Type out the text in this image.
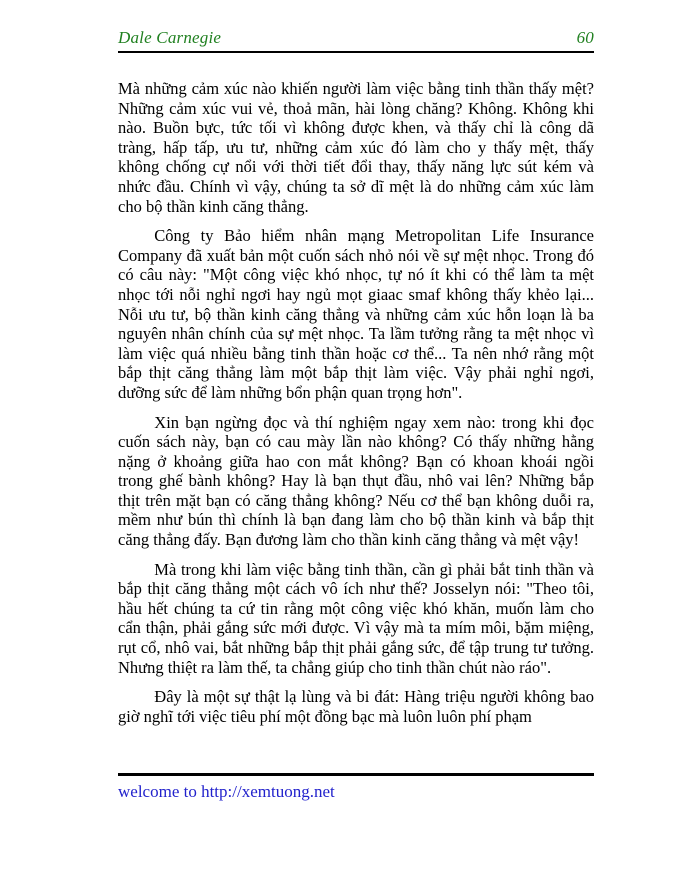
Dale Carnegie	60

Mà những cảm xúc nào khiến người làm việc bằng tinh thần thấy mệt? Những cảm xúc vui vẻ, thoả mãn, hài lòng chăng? Không. Không khi nào. Buồn bực, tức tối vì không được khen, và thấy chỉ là công dã tràng, hấp tấp, ưu tư, những cảm xúc đó làm cho y thấy mệt, thấy không chống cự nổi với thời tiết đổi thay, thấy năng lực sút kém và nhức đầu. Chính vì vậy, chúng ta sở dĩ mệt là do những cảm xúc làm cho bộ thần kinh căng thẳng.

Công ty Bảo hiểm nhân mạng Metropolitan Life Insurance Company đã xuất bản một cuốn sách nhỏ nói về sự mệt nhọc. Trong đó có câu này: "Một công việc khó nhọc, tự nó ít khi có thể làm ta mệt nhọc tới nỗi nghỉ ngơi hay ngủ mọt giaac smaf không thấy khẻo lại... Nỗi ưu tư, bộ thần kinh căng thẳng và những cảm xúc hỗn loạn là ba nguyên nhân chính của sự mệt nhọc. Ta lầm tưởng rằng ta mệt nhọc vì làm việc quá nhiều bằng tinh thần hoặc cơ thể... Ta nên nhớ rằng một bắp thịt căng thẳng làm một bắp thịt làm việc. Vậy phải nghỉ ngơi, dưỡng sức để làm những bổn phận quan trọng hơn".

Xin bạn ngừng đọc và thí nghiệm ngay xem nào: trong khi đọc cuốn sách này, bạn có cau mày lần nào không? Có thấy những hằng nặng ở khoảng giữa hao con mắt không? Bạn có khoan khoái ngồi trong ghế bành không? Hay là bạn thụt đầu, nhô vai lên? Những bắp thịt trên mặt bạn có căng thẳng không? Nếu cơ thể bạn không duỗi ra, mềm như bún thì chính là bạn đang làm cho bộ thần kinh và bắp thịt căng thẳng đấy. Bạn đương làm cho thần kinh căng thẳng và mệt vậy!

Mà trong khi làm việc bằng tinh thần, cần gì phải bắt tinh thần và bắp thịt căng thẳng một cách vô ích như thế? Josselyn nói: "Theo tôi, hầu hết chúng ta cứ tin rằng một công việc khó khăn, muốn làm cho cẩn thận, phải gắng sức mới được. Vì vậy mà ta mím môi, bặm miệng, rụt cổ, nhô vai, bắt những bắp thịt phải gắng sức, để tập trung tư tưởng. Nhưng thiệt ra làm thế, ta chẳng giúp cho tinh thần chút nào ráo".

Đây là một sự thật lạ lùng và bi đát: Hàng triệu người không bao giờ nghĩ tới việc tiêu phí một đồng bạc mà luôn luôn phí phạm

welcome to http://xemtuong.net
